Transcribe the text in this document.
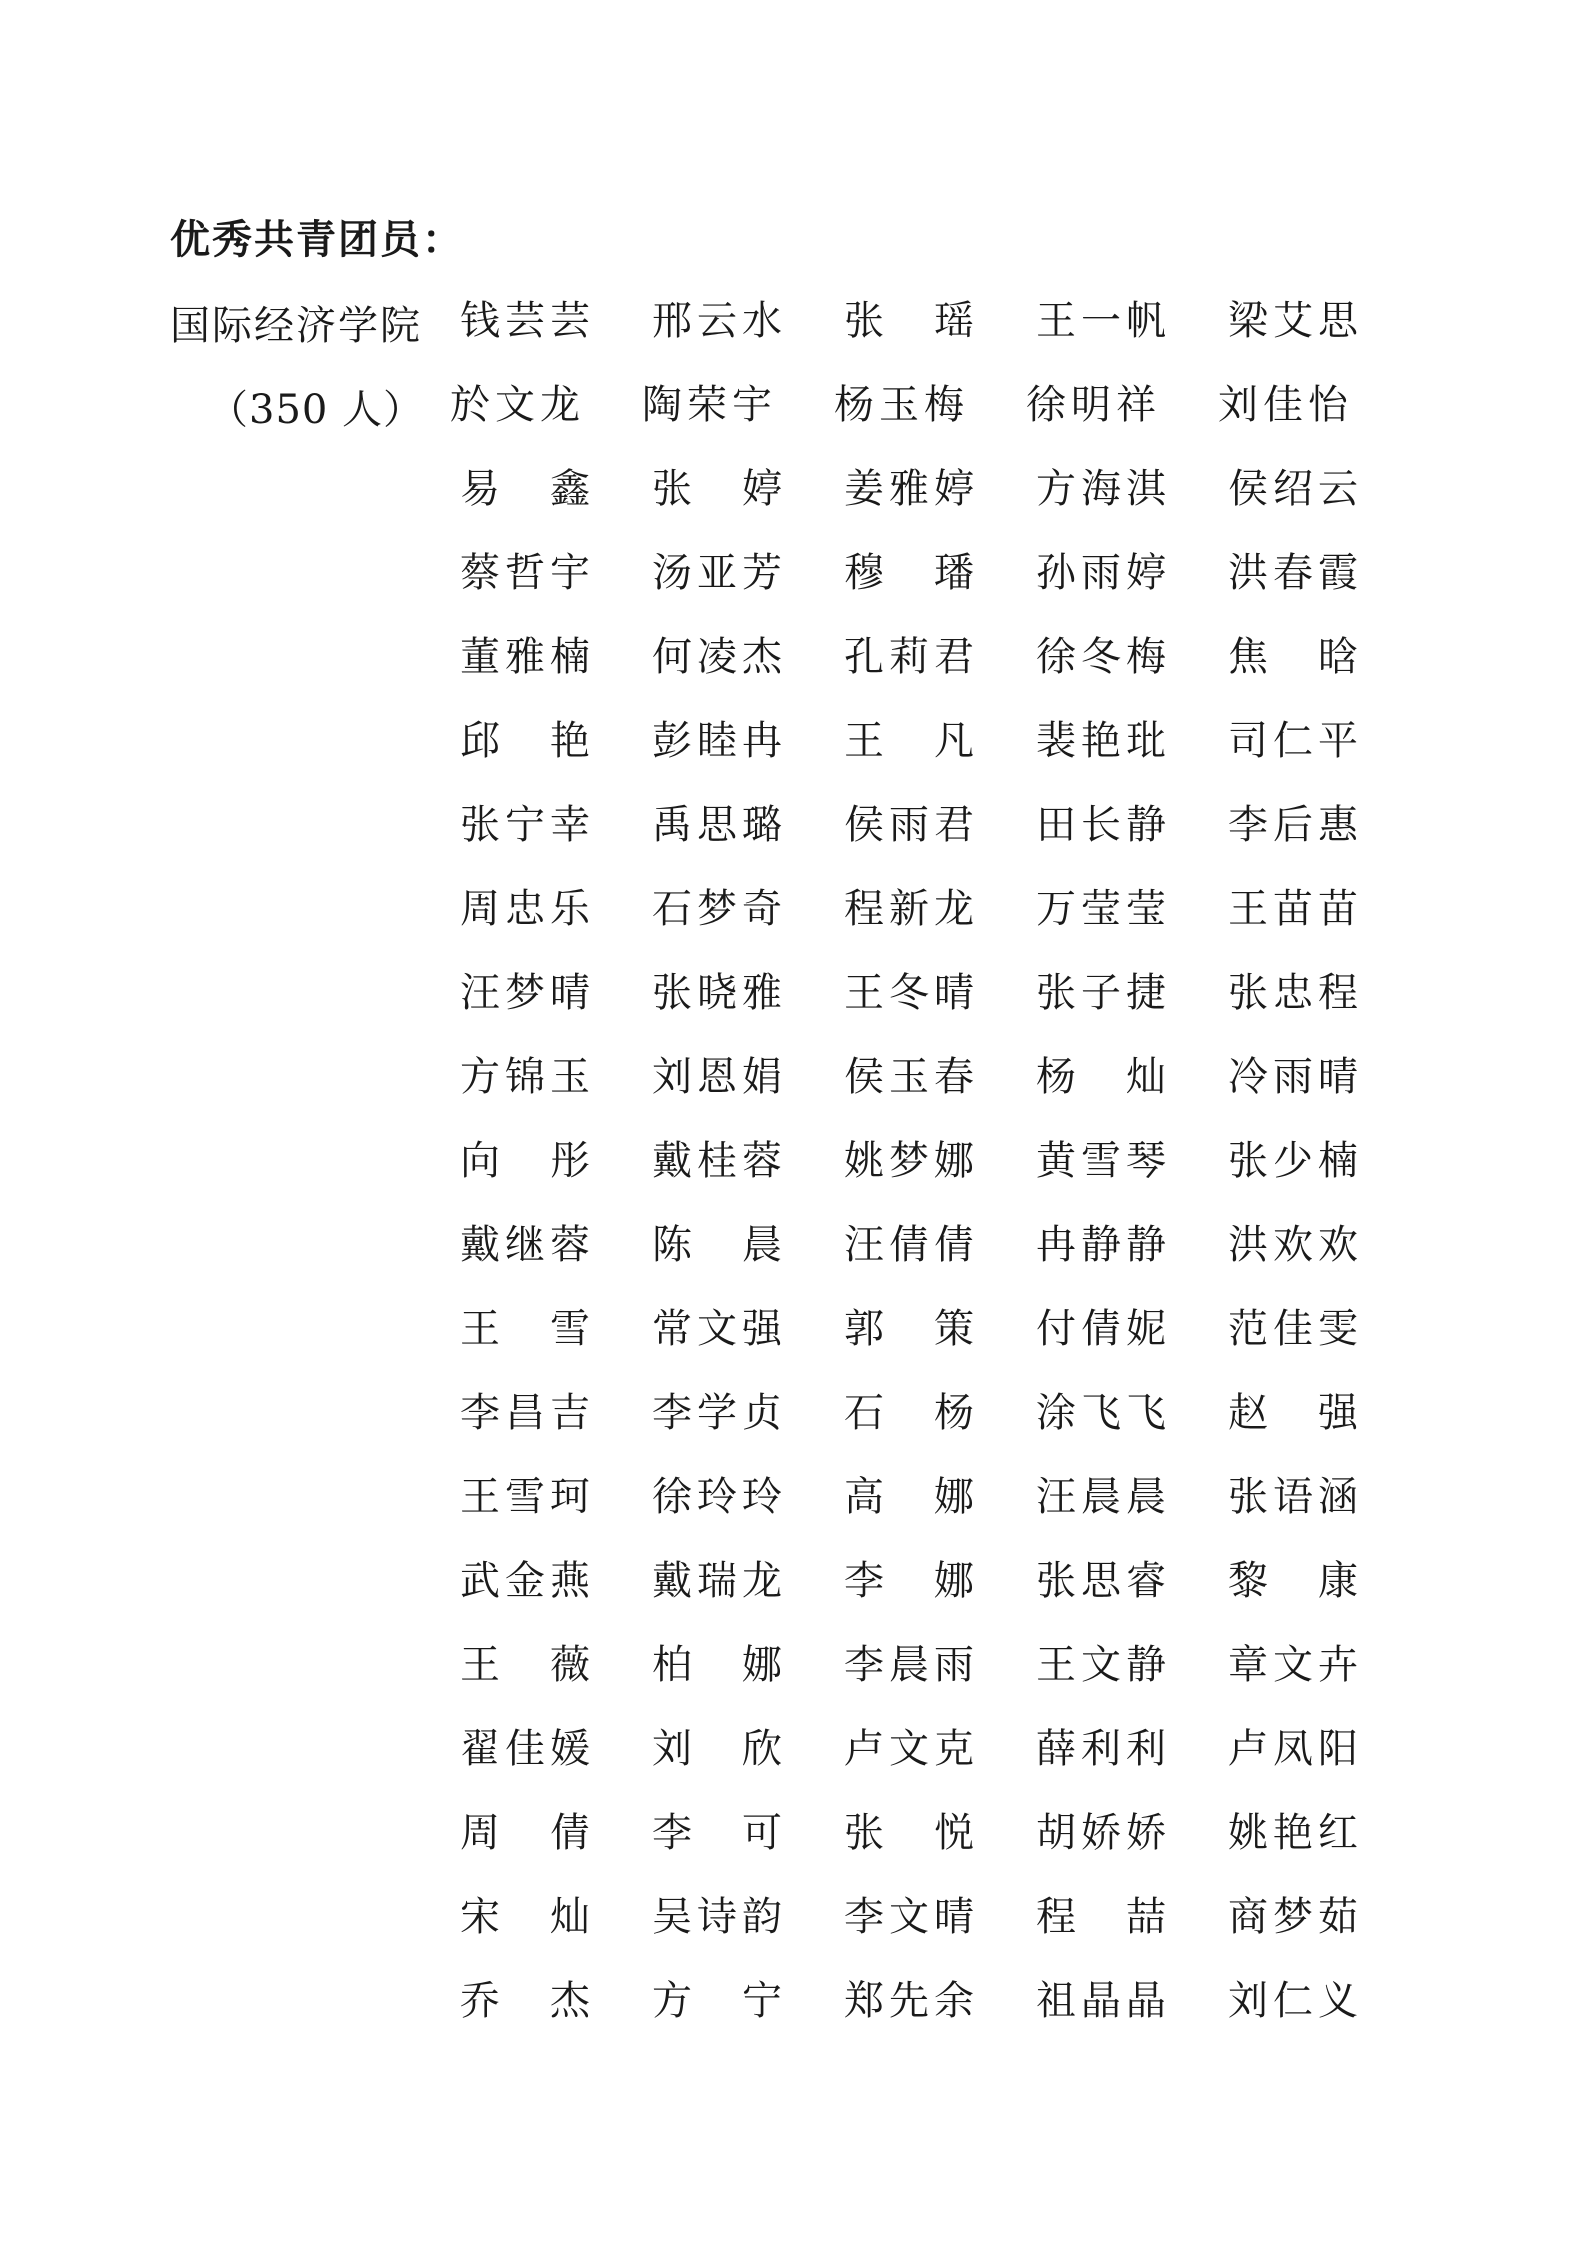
优秀共青团员：
国际经济学院
（350 人）
钱芸芸 邢云水 张瑶 王一帆 梁艾思
於文龙 陶荣宇 杨玉梅 徐明祥 刘佳怡
易鑫 张婷 姜雅婷 方海淇 侯绍云
蔡哲宇 汤亚芳 穆璠 孙雨婷 洪春霞
董雅楠 何凌杰 孔莉君 徐冬梅 焦晗
邱艳 彭睦冉 王凡 裴艳玭 司仁平
张宁幸 禹思璐 侯雨君 田长静 李后惠
周忠乐 石梦奇 程新龙 万莹莹 王苗苗
汪梦晴 张晓雅 王冬晴 张子捷 张忠程
方锦玉 刘恩娟 侯玉春 杨灿 冷雨晴
向彤 戴桂蓉 姚梦娜 黄雪琴 张少楠
戴继蓉 陈晨 汪倩倩 冉静静 洪欢欢
王雪 常文强 郭策 付倩妮 范佳雯
李昌吉 李学贞 石杨 涂飞飞 赵强
王雪珂 徐玲玲 高娜 汪晨晨 张语涵
武金燕 戴瑞龙 李娜 张思睿 黎康
王薇 柏娜 李晨雨 王文静 章文卉
翟佳媛 刘欣 卢文克 薛利利 卢凤阳
周倩 李可 张悦 胡娇娇 姚艳红
宋灿 吴诗韵 李文晴 程喆 商梦茹
乔杰 方宁 郑先余 祖晶晶 刘仁义
